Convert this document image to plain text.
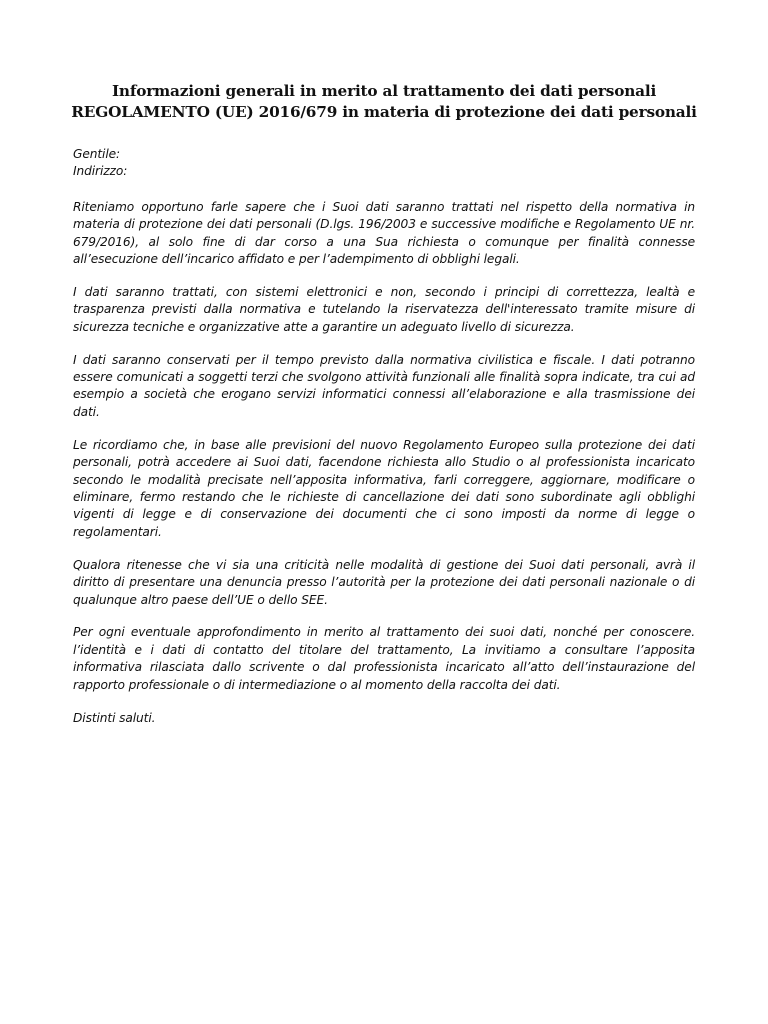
Informazioni generali in merito al trattamento dei dati personali
REGOLAMENTO (UE) 2016/679 in materia di protezione dei dati personali
Gentile:
Indirizzo:

Riteniamo opportuno farle sapere che i Suoi dati saranno trattati nel rispetto della normativa in materia di protezione dei dati personali (D.lgs. 196/2003 e successive modifiche e Regolamento UE nr. 679/2016), al solo fine di dar corso a una Sua richiesta o comunque per finalità connesse all’esecuzione dell’incarico affidato e per l’adempimento di obblighi legali.

I dati saranno trattati, con sistemi elettronici e non, secondo i principi di correttezza, lealtà e trasparenza previsti dalla normativa e tutelando la riservatezza dell'interessato tramite misure di sicurezza tecniche e organizzative atte a garantire un adeguato livello di sicurezza.

I dati saranno conservati per il tempo previsto dalla normativa civilistica e fiscale. I dati potranno essere comunicati a soggetti terzi che svolgono attività funzionali alle finalità sopra indicate, tra cui ad esempio a società che erogano servizi informatici connessi all’elaborazione e alla trasmissione dei dati.

Le ricordiamo che, in base alle previsioni del nuovo Regolamento Europeo sulla protezione dei dati personali, potrà accedere ai Suoi dati, facendone richiesta allo Studio o al professionista incaricato secondo le modalità precisate nell’apposita informativa, farli correggere, aggiornare, modificare o eliminare, fermo restando che le richieste di cancellazione dei dati sono subordinate agli obblighi vigenti di legge e di conservazione dei documenti che ci sono imposti da norme di legge o regolamentari.

Qualora ritenesse che vi sia una criticità nelle modalità di gestione dei Suoi dati personali, avrà il diritto di presentare una denuncia presso l’autorità per la protezione dei dati personali nazionale o di qualunque altro paese dell’UE o dello SEE.

Per ogni eventuale approfondimento in merito al trattamento dei suoi dati, nonché per conoscere. l’identità e i dati di contatto del titolare del trattamento, La invitiamo a consultare l’apposita informativa rilasciata dallo scrivente o dal professionista incaricato all’atto dell’instaurazione del rapporto professionale o di intermediazione o al momento della raccolta dei dati.

Distinti saluti.
